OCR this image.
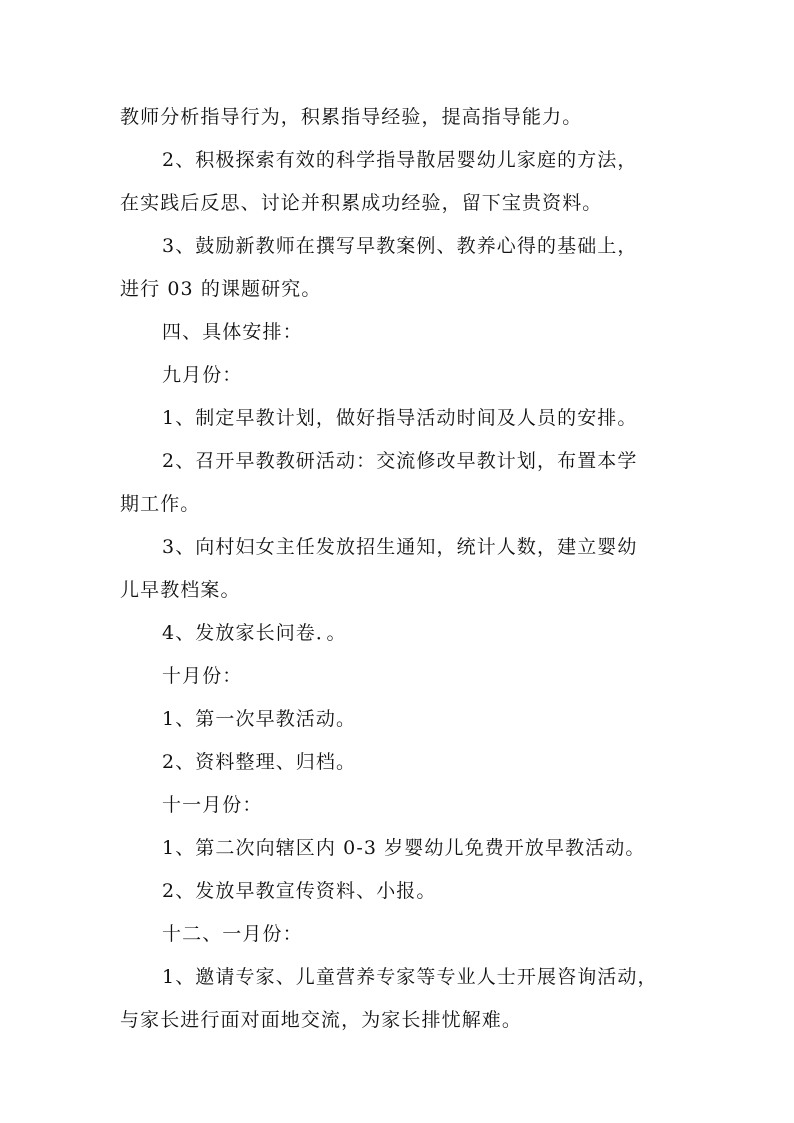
教师分析指导行为，积累指导经验，提高指导能力。
2、积极探索有效的科学指导散居婴幼儿家庭的方法，
在实践后反思、讨论并积累成功经验，留下宝贵资料。
3、鼓励新教师在撰写早教案例、教养心得的基础上，
进行 03 的课题研究。
四、具体安排：
九月份：
1、制定早教计划，做好指导活动时间及人员的安排。
2、召开早教教研活动：交流修改早教计划，布置本学
期工作。
3、向村妇女主任发放招生通知，统计人数，建立婴幼
儿早教档案。
4、发放家长问卷．。
十月份：
1、第一次早教活动。
2、资料整理、归档。
十一月份：
1、第二次向辖区内 0-3 岁婴幼儿免费开放早教活动。
2、发放早教宣传资料、小报。
十二、一月份：
1、邀请专家、儿童营养专家等专业人士开展咨询活动，
与家长进行面对面地交流，为家长排忧解难。
